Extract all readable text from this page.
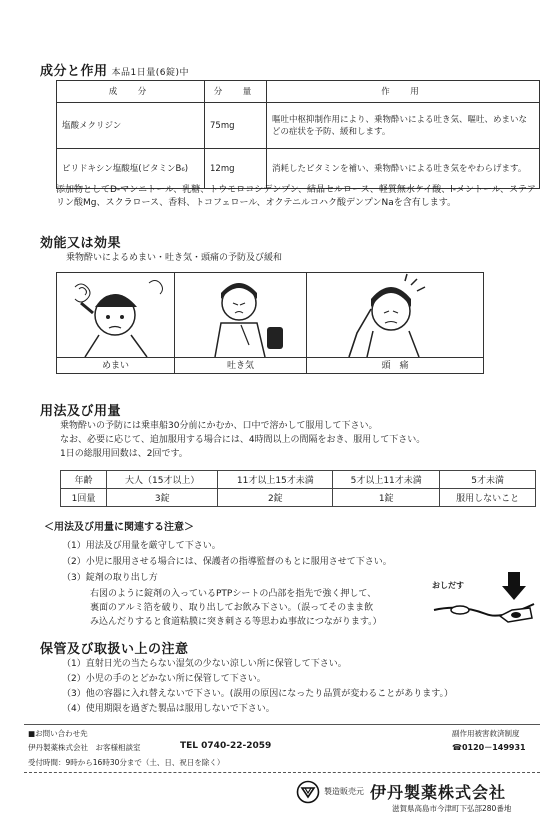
成分と作用 本品1日量(6錠)中
成　分	分　量	作　用
塩酸メクリジン	75mg	嘔吐中枢抑制作用により、乗物酔いによる吐き気、嘔吐、めまいなどの症状を予防、緩和します。
ピリドキシン塩酸塩(ビタミンB₆)	12mg	消耗したビタミンを補い、乗物酔いによる吐き気をやわらげます。
添加物としてD-マンニトール、乳糖、トウモロコシデンプン、結晶セルロース、軽質無水ケイ酸、l-メントール、ステアリン酸Mg、スクラロース、香料、トコフェロール、オクテニルコハク酸デンプンNaを含有します。
効能又は効果
乗物酔いによるめまい・吐き気・頭痛の予防及び緩和
めまい	吐き気	頭　痛
用法及び用量
乗物酔いの予防には乗車船30分前にかむか、口中で溶かして服用して下さい。
なお、必要に応じて、追加服用する場合には、4時間以上の間隔をおき、服用して下さい。
1日の総服用回数は、2回です。
年齢	大人（15才以上）	11才以上15才未満	5才以上11才未満	5才未満
1回量	3錠	2錠	1錠	服用しないこと
＜用法及び用量に関連する注意＞
（1）用法及び用量を厳守して下さい。
（2）小児に服用させる場合には、保護者の指導監督のもとに服用させて下さい。
（3）錠剤の取り出し方
右図のように錠剤の入っているPTPシートの凸部を指先で強く押して、
裏面のアルミ箔を破り、取り出してお飲み下さい。（誤ってそのまま飲
み込んだりすると食道粘膜に突き刺さる等思わぬ事故につながります。）
おしだす
保管及び取扱い上の注意
（1）直射日光の当たらない湿気の少ない涼しい所に保管して下さい。
（2）小児の手のとどかない所に保管して下さい。
（3）他の容器に入れ替えないで下さい。(誤用の原因になったり品質が変わることがあります。）
（4）使用期限を過ぎた製品は服用しないで下さい。
■お問い合わせ先
伊丹製薬株式会社　お客様相談室	TEL 0740-22-2059
受付時間：9時から16時30分まで（土、日、祝日を除く）
副作用被害救済制度
☎0120－149931
製造販売元 伊丹製薬株式会社
滋賀県高島市今津町下弘部280番地
